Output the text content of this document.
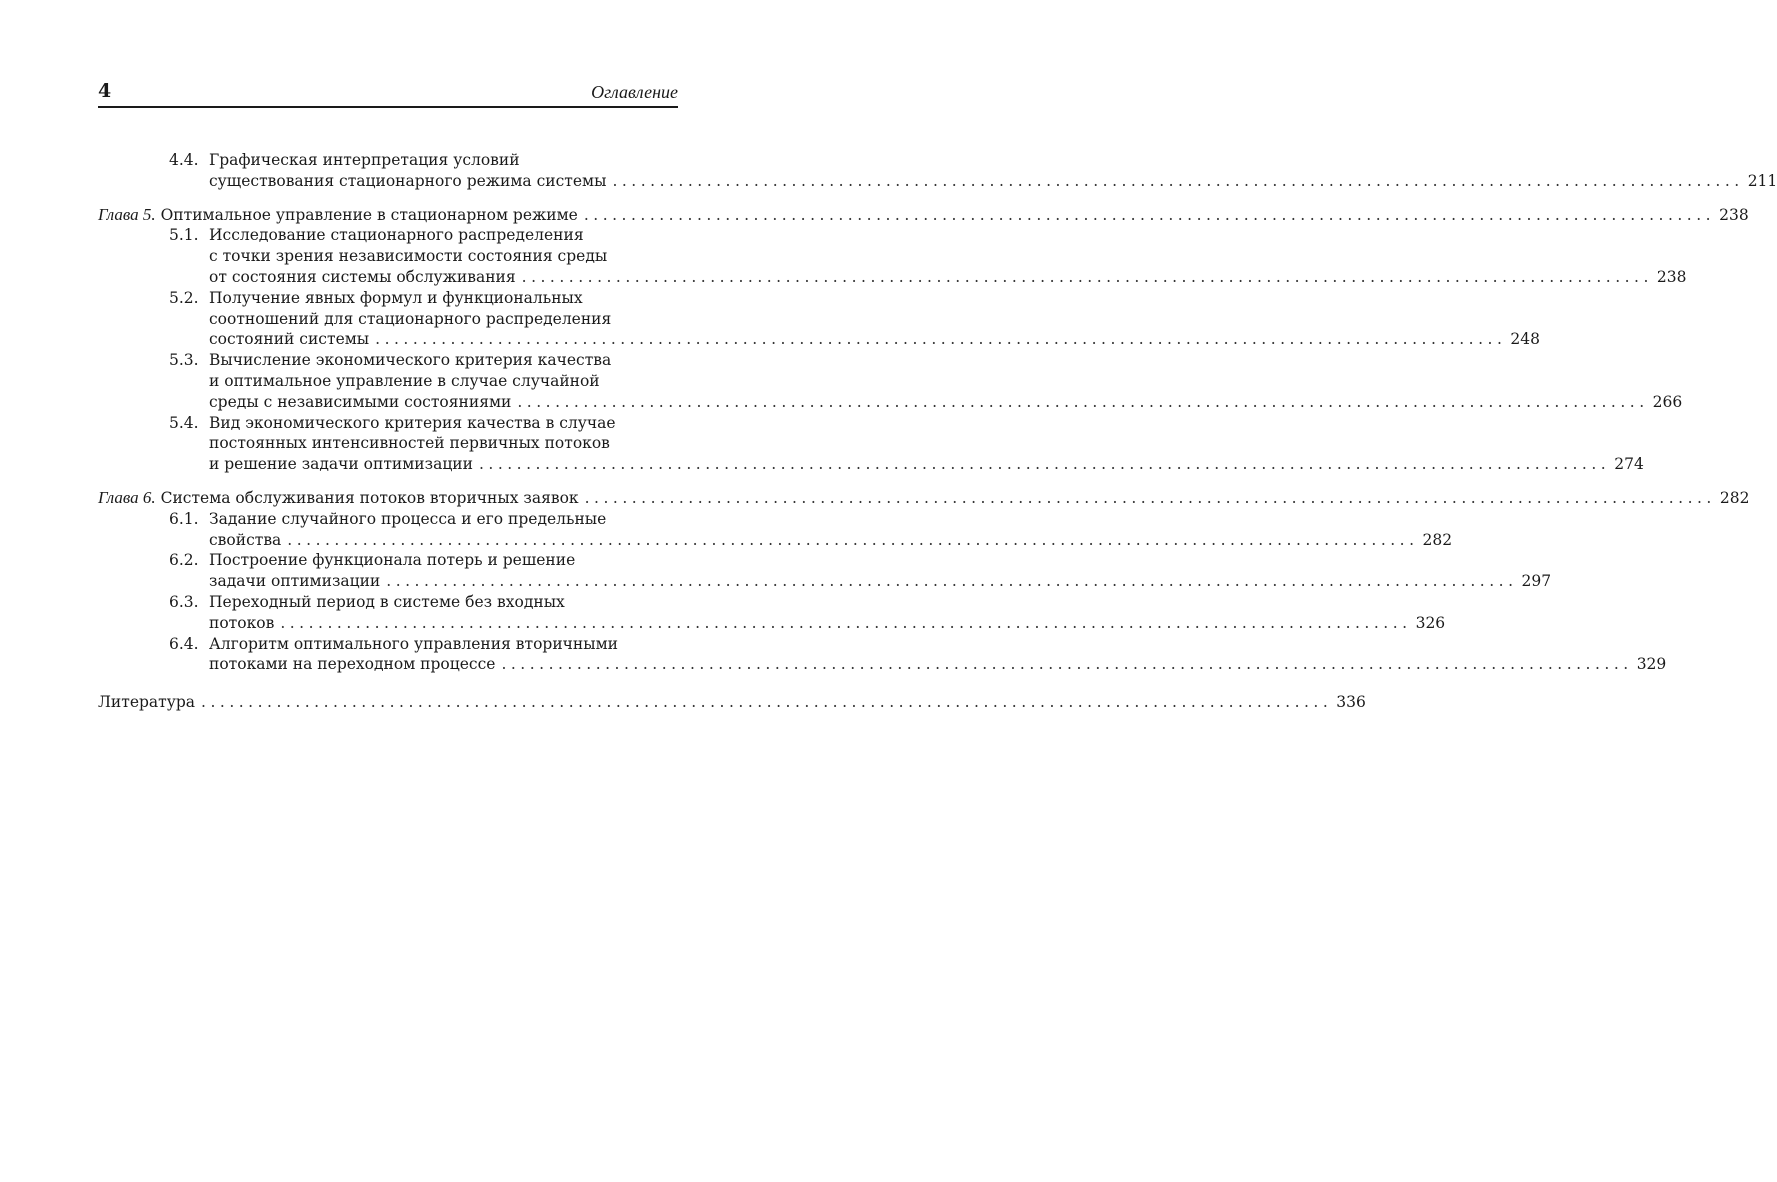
4	Оглавление
4.4. Графическая интерпретация условий
существования стационарного режима системы ........................................................................................................................ 211
Глава 5. Оптимальное управление в стационарном режиме ........................................................................................................................ 238
5.1. Исследование стационарного распределения
с точки зрения независимости состояния среды
от состояния системы обслуживания ........................................................................................................................ 238
5.2. Получение явных формул и функциональных
соотношений для стационарного распределения
состояний системы ........................................................................................................................ 248
5.3. Вычисление экономического критерия качества
и оптимальное управление в случае случайной
среды с независимыми состояниями ........................................................................................................................ 266
5.4. Вид экономического критерия качества в случае
постоянных интенсивностей первичных потоков
и решение задачи оптимизации ........................................................................................................................ 274
Глава 6. Система обслуживания потоков вторичных заявок ........................................................................................................................ 282
6.1. Задание случайного процесса и его предельные
свойства ........................................................................................................................ 282
6.2. Построение функционала потерь и решение
задачи оптимизации ........................................................................................................................ 297
6.3. Переходный период в системе без входных
потоков ........................................................................................................................ 326
6.4. Алгоритм оптимального управления вторичными
потоками на переходном процессе ........................................................................................................................ 329
Литература ........................................................................................................................ 336
